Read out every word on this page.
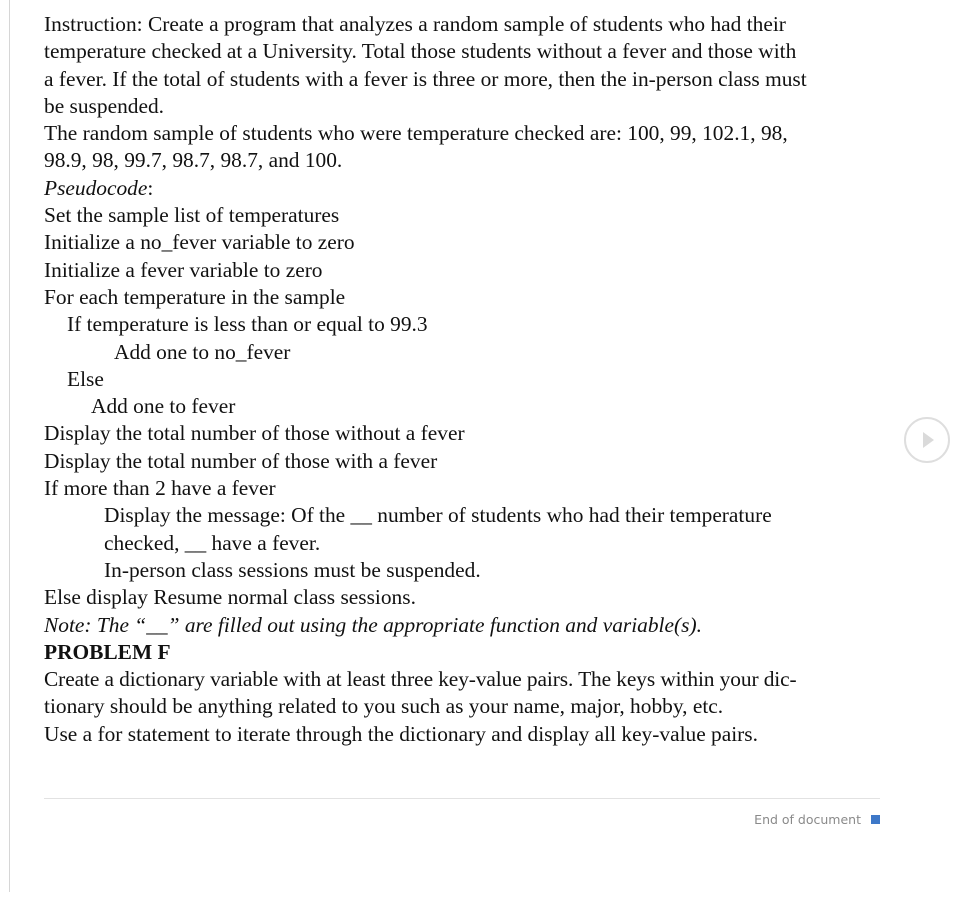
Instruction: Create a program that analyzes a random sample of students who had their

temperature checked at a University. Total those students without a fever and those with

a fever. If the total of students with a fever is three or more, then the in-person class must

be suspended.

The random sample of students who were temperature checked are: 100, 99, 102.1, 98,

98.9, 98, 99.7, 98.7, 98.7, and 100.

Pseudocode:

Set the sample list of temperatures

Initialize a no_fever variable to zero

Initialize a fever variable to zero

For each temperature in the sample

If temperature is less than or equal to 99.3

Add one to no_fever

Else

Add one to fever

Display the total number of those without a fever

Display the total number of those with a fever

If more than 2 have a fever

Display the message: Of the __ number of students who had their temperature

checked, __ have a fever.

In-person class sessions must be suspended.

Else display Resume normal class sessions.

Note: The “__” are filled out using the appropriate function and variable(s).

PROBLEM F

Create a dictionary variable with at least three key-value pairs. The keys within your dic-

tionary should be anything related to you such as your name, major, hobby, etc.

Use a for statement to iterate through the dictionary and display all key-value pairs.

End of document
